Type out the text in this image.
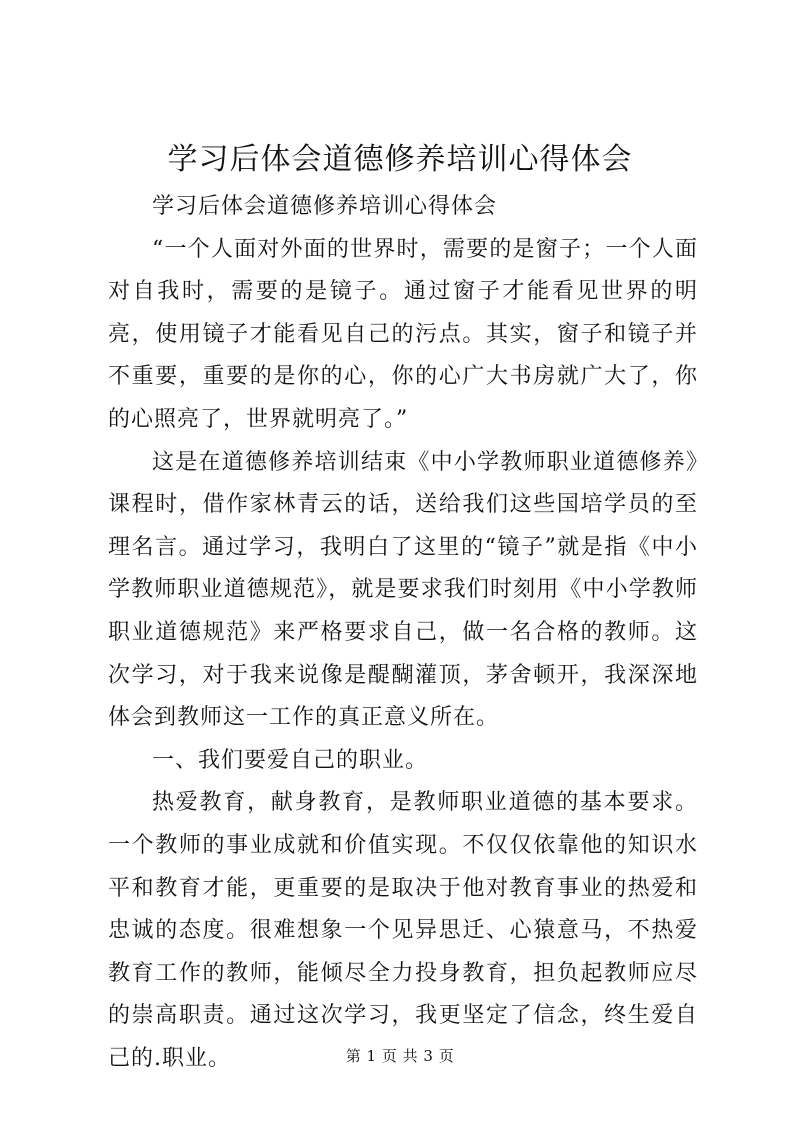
学习后体会道德修养培训心得体会

学习后体会道德修养培训心得体会

“一个人面对外面的世界时，需要的是窗子；一个人面对自我时，需要的是镜子。通过窗子才能看见世界的明亮，使用镜子才能看见自己的污点。其实，窗子和镜子并不重要，重要的是你的心，你的心广大书房就广大了，你的心照亮了，世界就明亮了。”

这是在道德修养培训结束《中小学教师职业道德修养》课程时，借作家林青云的话，送给我们这些国培学员的至理名言。通过学习，我明白了这里的“镜子”就是指《中小学教师职业道德规范》，就是要求我们时刻用《中小学教师职业道德规范》来严格要求自己，做一名合格的教师。这次学习，对于我来说像是醍醐灌顶，茅舍顿开，我深深地体会到教师这一工作的真正意义所在。

一、我们要爱自己的职业。

热爱教育，献身教育，是教师职业道德的基本要求。一个教师的事业成就和价值实现。不仅仅依靠他的知识水平和教育才能，更重要的是取决于他对教育事业的热爱和忠诚的态度。很难想象一个见异思迁、心猿意马，不热爱教育工作的教师，能倾尽全力投身教育，担负起教师应尽的崇高职责。通过这次学习，我更坚定了信念，终生爱自己的.职业。	第 1 页 共 3 页
